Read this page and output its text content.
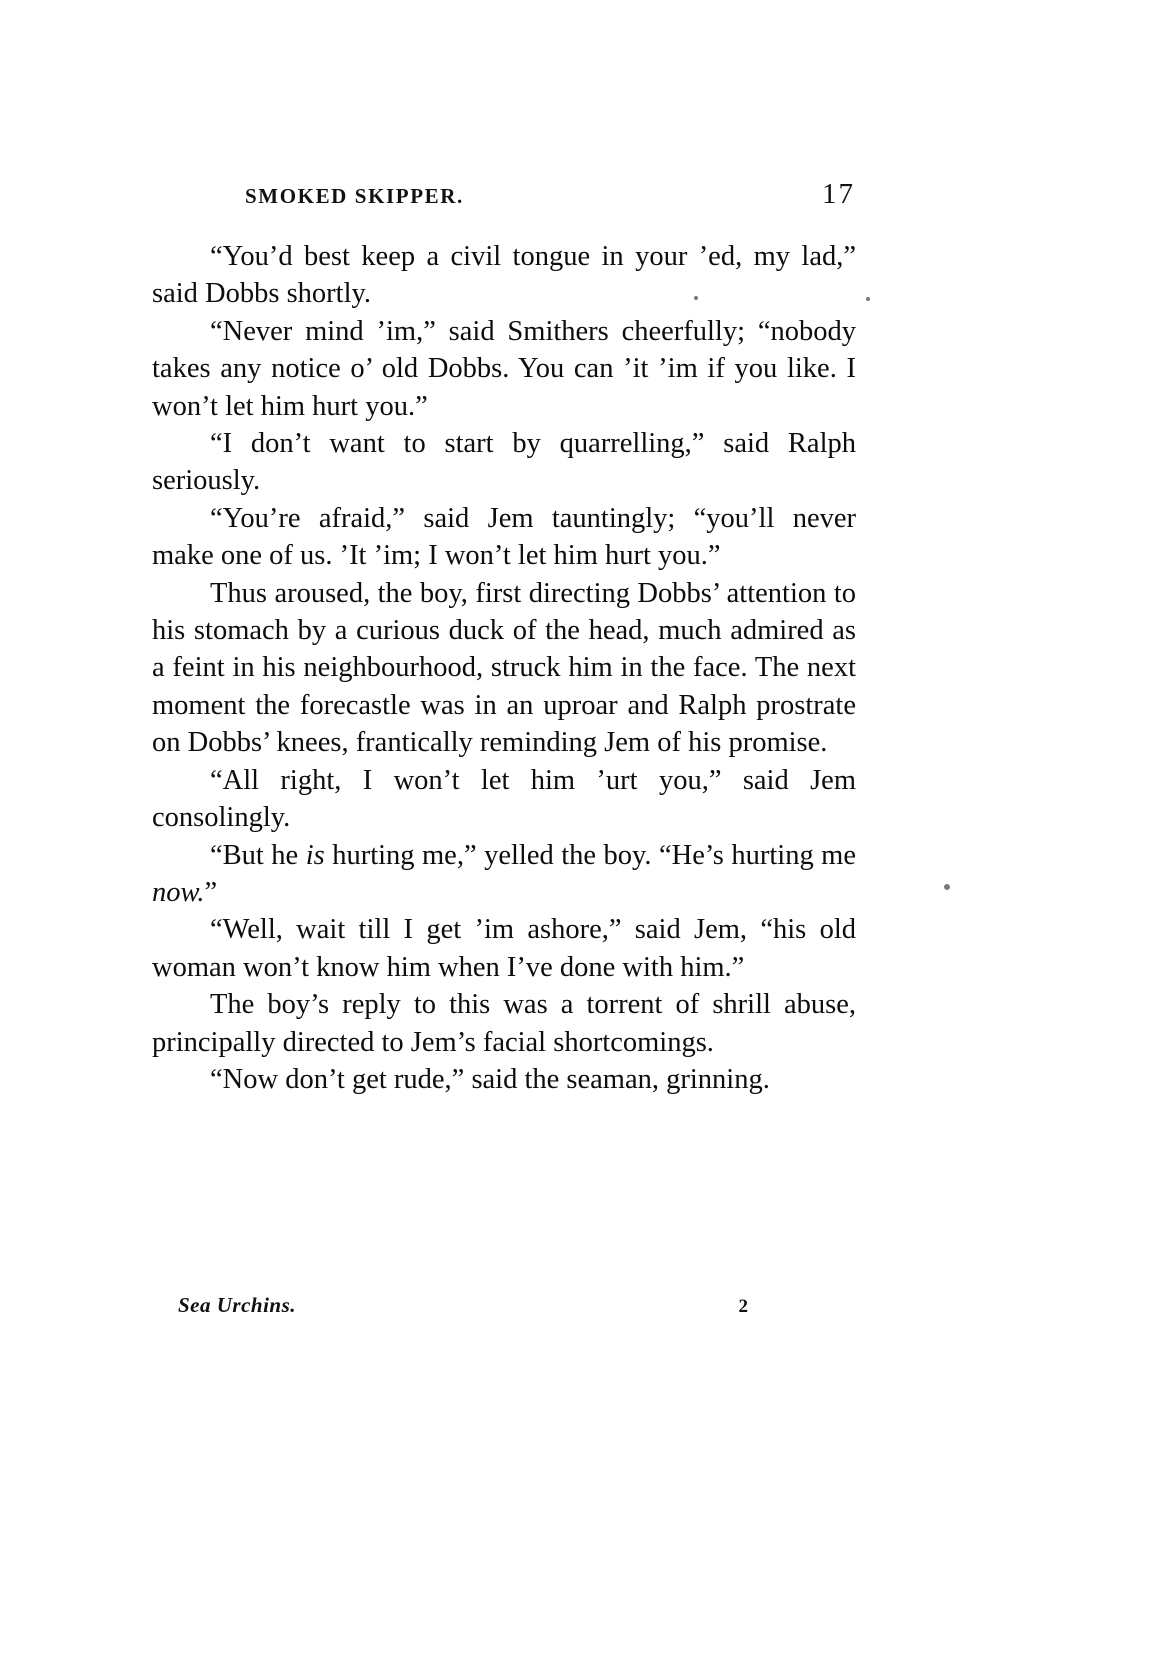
SMOKED SKIPPER.	17

“You’d best keep a civil tongue in your ’ed, my lad,” said Dobbs shortly.

“Never mind ’im,” said Smithers cheerfully; “nobody takes any notice o’ old Dobbs. You can ’it ’im if you like. I won’t let him hurt you.”

“I don’t want to start by quarrelling,” said Ralph seriously.

“You’re afraid,” said Jem tauntingly; “you’ll never make one of us. ’It ’im; I won’t let him hurt you.”

Thus aroused, the boy, first directing Dobbs’ attention to his stomach by a curious duck of the head, much admired as a feint in his neighbourhood, struck him in the face. The next moment the forecastle was in an uproar and Ralph prostrate on Dobbs’ knees, frantically reminding Jem of his promise.

“All right, I won’t let him ’urt you,” said Jem consolingly.

“But he is hurting me,” yelled the boy. “He’s hurting me now.”

“Well, wait till I get ’im ashore,” said Jem, “his old woman won’t know him when I’ve done with him.”

The boy’s reply to this was a torrent of shrill abuse, principally directed to Jem’s facial shortcomings.

“Now don’t get rude,” said the seaman, grinning.

Sea Urchins.	2
